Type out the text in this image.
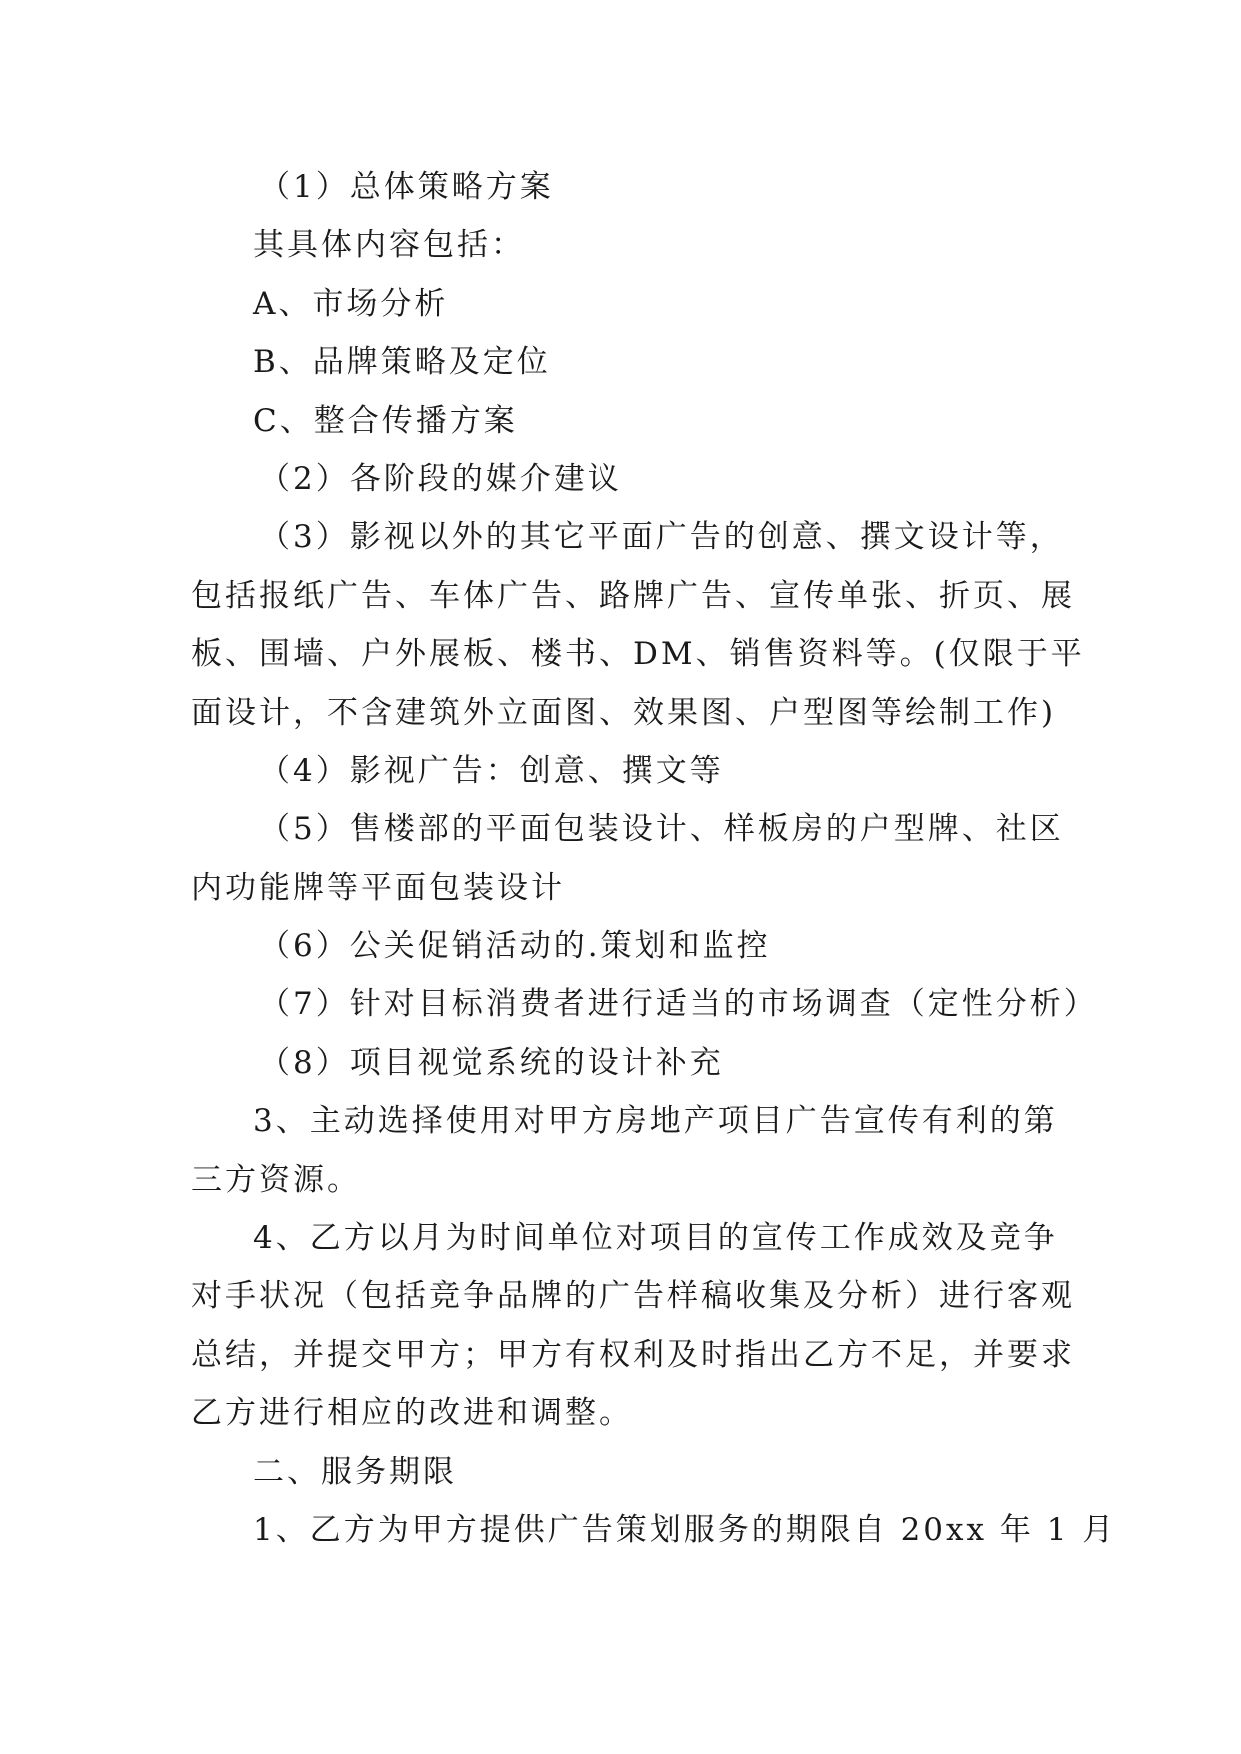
（1）总体策略方案
其具体内容包括：
A、市场分析
B、品牌策略及定位
C、整合传播方案
（2）各阶段的媒介建议
（3）影视以外的其它平面广告的创意、撰文设计等，
包括报纸广告、车体广告、路牌广告、宣传单张、折页、展
板、围墙、户外展板、楼书、DM、销售资料等。(仅限于平
面设计，不含建筑外立面图、效果图、户型图等绘制工作)
（4）影视广告：创意、撰文等
（5）售楼部的平面包装设计、样板房的户型牌、社区
内功能牌等平面包装设计
（6）公关促销活动的.策划和监控
（7）针对目标消费者进行适当的市场调查（定性分析）
（8）项目视觉系统的设计补充
3、主动选择使用对甲方房地产项目广告宣传有利的第
三方资源。
4、乙方以月为时间单位对项目的宣传工作成效及竞争
对手状况（包括竞争品牌的广告样稿收集及分析）进行客观
总结，并提交甲方；甲方有权利及时指出乙方不足，并要求
乙方进行相应的改进和调整。
二、服务期限
1、乙方为甲方提供广告策划服务的期限自 20xx 年 1 月
